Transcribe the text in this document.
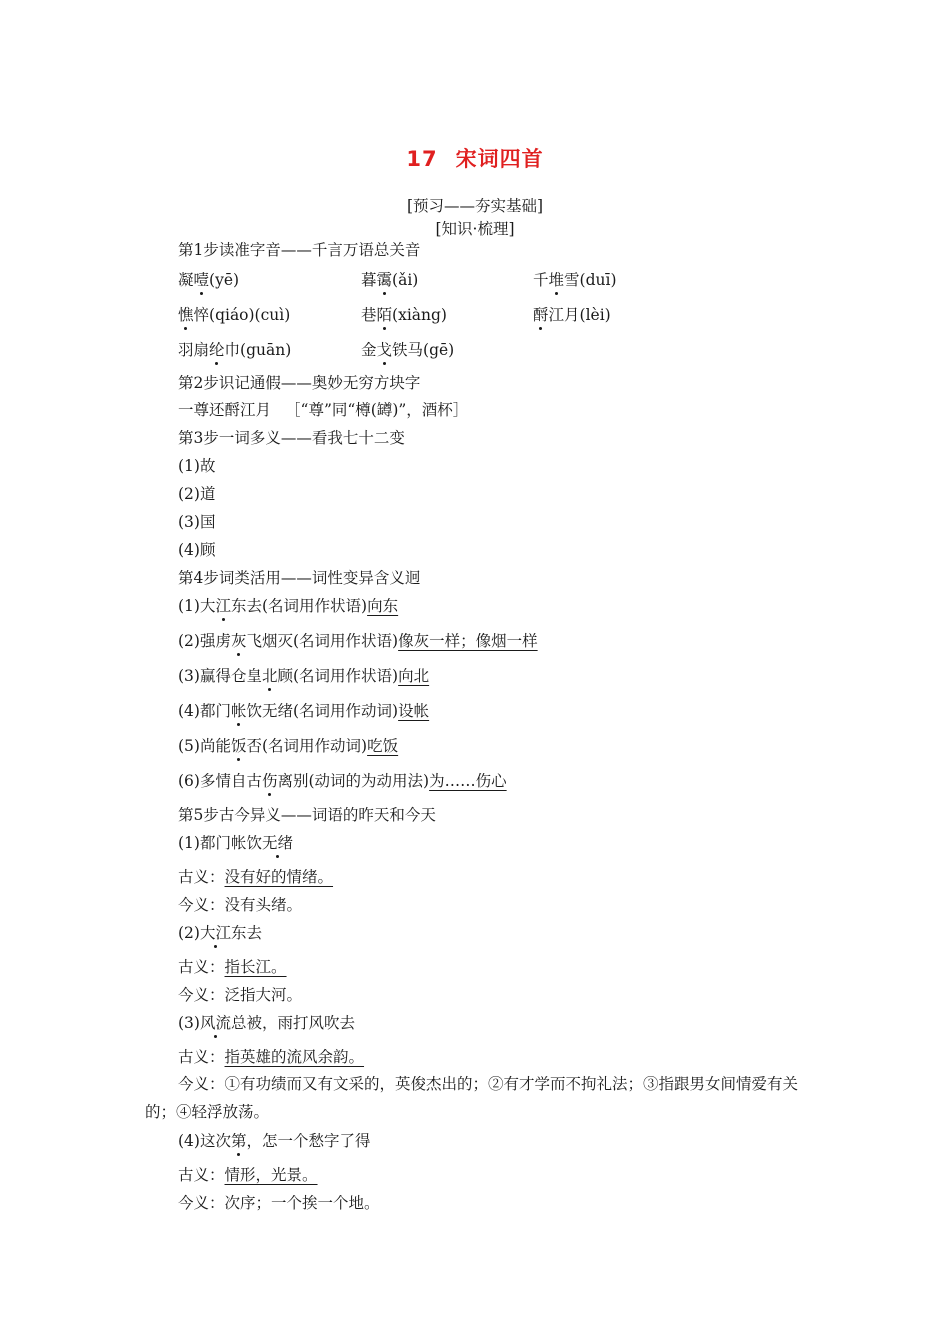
17 宋词四首
[预习——夯实基础]
[知识·梳理]
第1步读准字音——千言万语总关音
凝噎(yē)	暮霭(ǎi)	千堆雪(duī)
憔悴(qiáo)(cuì)	巷陌(xiàng)	酹江月(lèi)
羽扇纶巾(guān)	金戈铁马(gē)
第2步识记通假——奥妙无穷方块字
一尊还酹江月 ［“尊”同“樽(罇)”，酒杯］
第3步一词多义——看我七十二变
(1)故
(2)道
(3)国
(4)顾
第4步词类活用——词性变异含义迥
(1)大江东去(名词用作状语)向东
(2)强虏灰飞烟灭(名词用作状语)像灰一样；像烟一样
(3)赢得仓皇北顾(名词用作状语)向北
(4)都门帐饮无绪(名词用作动词)设帐
(5)尚能饭否(名词用作动词)吃饭
(6)多情自古伤离别(动词的为动用法)为……伤心
第5步古今异义——词语的昨天和今天
(1)都门帐饮无绪
古义：没有好的情绪。
今义：没有头绪。
(2)大江东去
古义：指长江。
今义：泛指大河。
(3)风流总被，雨打风吹去
古义：指英雄的流风余韵。
今义：①有功绩而又有文采的，英俊杰出的；②有才学而不拘礼法；③指跟男女间情爱有关的；④轻浮放荡。
(4)这次第，怎一个愁字了得
古义：情形，光景。
今义：次序；一个挨一个地。
